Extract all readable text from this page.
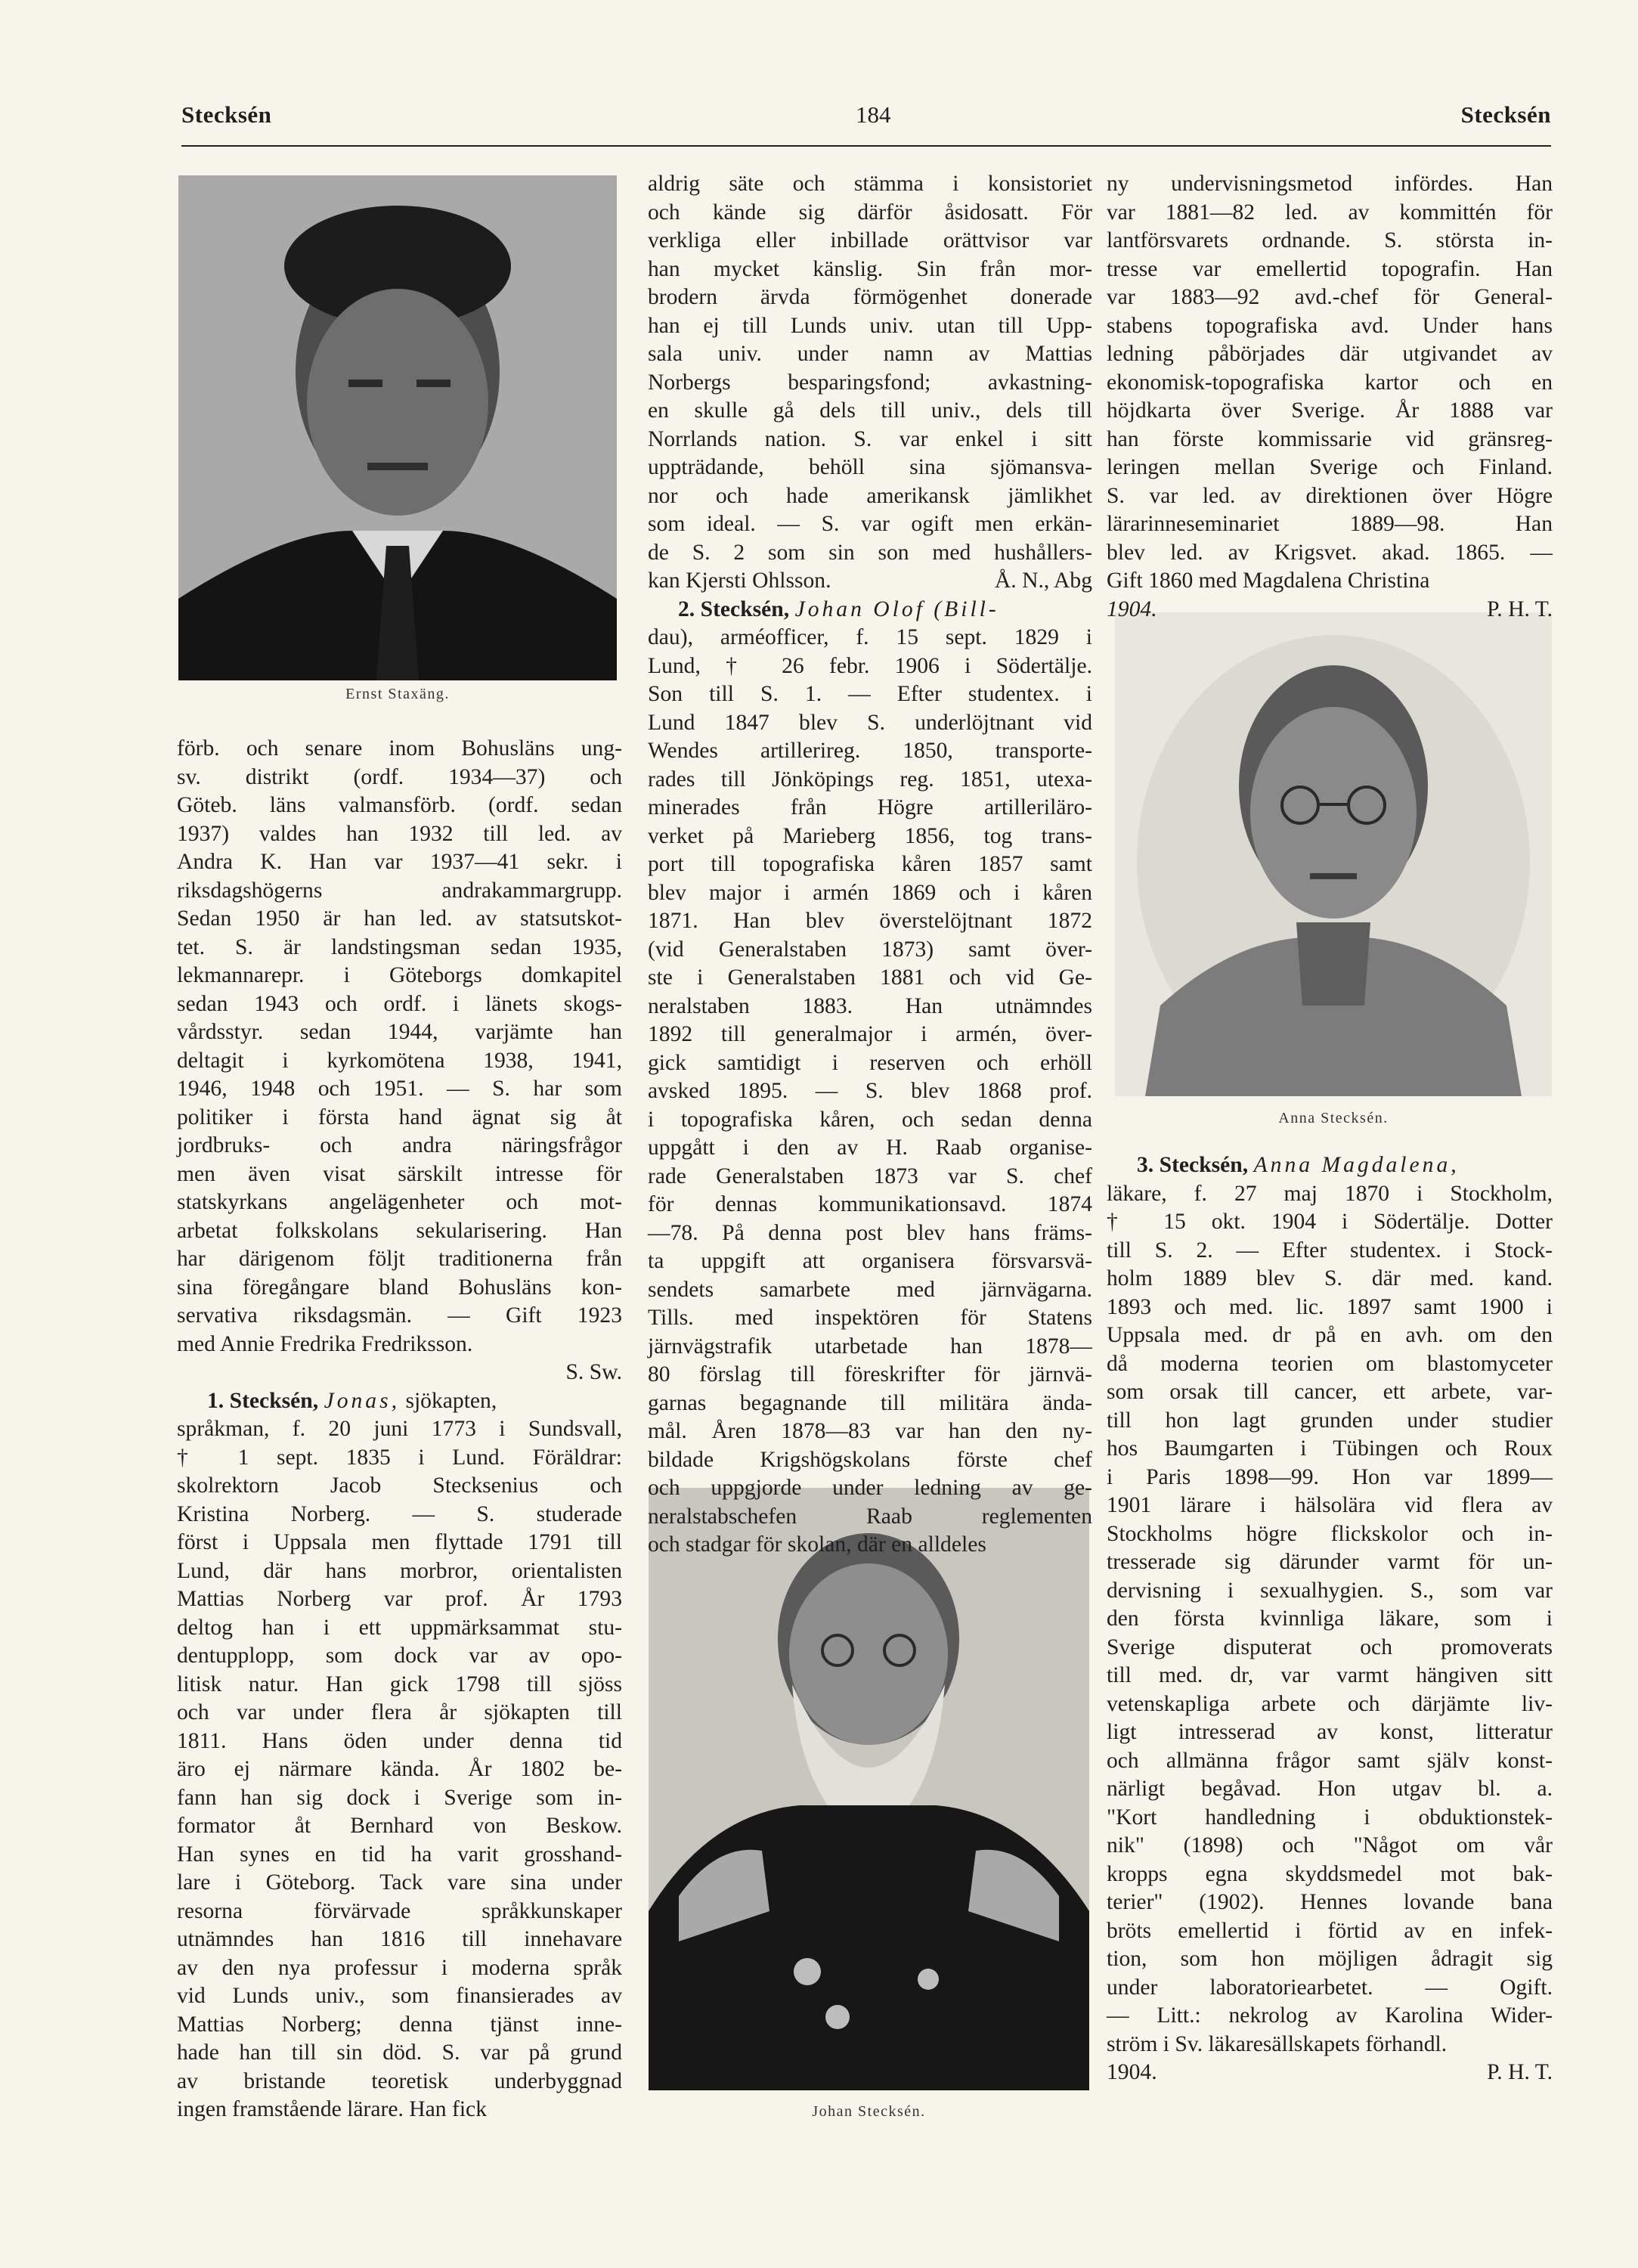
Stecksén	184	Stecksén
Ernst Staxäng.
Anna Stecksén.
Johan Stecksén.

förb. och senare inom Bohusläns ung-

sv. distrikt (ordf. 1934—37) och

Göteb. läns valmansförb. (ordf. sedan

1937) valdes han 1932 till led. av

Andra K. Han var 1937—41 sekr. i

riksdagshögerns andrakammargrupp.

Sedan 1950 är han led. av statsutskot-

tet. S. är landstingsman sedan 1935,

lekmannarepr. i Göteborgs domkapitel

sedan 1943 och ordf. i länets skogs-

vårdsstyr. sedan 1944, varjämte han

deltagit i kyrkomötena 1938, 1941,

1946, 1948 och 1951. — S. har som

politiker i första hand ägnat sig åt

jordbruks- och andra näringsfrågor

men även visat särskilt intresse för

statskyrkans angelägenheter och mot-

arbetat folkskolans sekularisering. Han

har därigenom följt traditionerna från

sina föregångare bland Bohusläns kon-

servativa riksdagsmän. — Gift 1923

med Annie Fredrika Fredriksson.

S. Sw.

1. Stecksén, Jonas, sjökapten,

språkman, f. 20 juni 1773 i Sundsvall,

† 1 sept. 1835 i Lund. Föräldrar:

skolrektorn Jacob Stecksenius och

Kristina Norberg. — S. studerade

först i Uppsala men flyttade 1791 till

Lund, där hans morbror, orientalisten

Mattias Norberg var prof. År 1793

deltog han i ett uppmärksammat stu-

dentupplopp, som dock var av opo-

litisk natur. Han gick 1798 till sjöss

och var under flera år sjökapten till

1811. Hans öden under denna tid

äro ej närmare kända. År 1802 be-

fann han sig dock i Sverige som in-

formator åt Bernhard von Beskow.

Han synes en tid ha varit grosshand-

lare i Göteborg. Tack vare sina under

resorna förvärvade språkkunskaper

utnämndes han 1816 till innehavare

av den nya professur i moderna språk

vid Lunds univ., som finansierades av

Mattias Norberg; denna tjänst inne-

hade han till sin död. S. var på grund

av bristande teoretisk underbyggnad

ingen framstående lärare. Han fick

aldrig säte och stämma i konsistoriet

och kände sig därför åsidosatt. För

verkliga eller inbillade orättvisor var

han mycket känslig. Sin från mor-

brodern ärvda förmögenhet donerade

han ej till Lunds univ. utan till Upp-

sala univ. under namn av Mattias

Norbergs besparingsfond; avkastning-

en skulle gå dels till univ., dels till

Norrlands nation. S. var enkel i sitt

uppträdande, behöll sina sjömansva-

nor och hade amerikansk jämlikhet

som ideal. — S. var ogift men erkän-

de S. 2 som sin son med hushållers-

kan Kjersti Ohlsson.	Å. N., Abg

2. Stecksén, Johan Olof (Bill-

dau), arméofficer, f. 15 sept. 1829 i

Lund, † 26 febr. 1906 i Södertälje.

Son till S. 1. — Efter studentex. i

Lund 1847 blev S. underlöjtnant vid

Wendes artillerireg. 1850, transporte-

rades till Jönköpings reg. 1851, utexa-

minerades från Högre artilleriläro-

verket på Marieberg 1856, tog trans-

port till topografiska kåren 1857 samt

blev major i armén 1869 och i kåren

1871. Han blev överstelöjtnant 1872

(vid Generalstaben 1873) samt över-

ste i Generalstaben 1881 och vid Ge-

neralstaben 1883. Han utnämndes

1892 till generalmajor i armén, över-

gick samtidigt i reserven och erhöll

avsked 1895. — S. blev 1868 prof.

i topografiska kåren, och sedan denna

uppgått i den av H. Raab organise-

rade Generalstaben 1873 var S. chef

för dennas kommunikationsavd. 1874

—78. På denna post blev hans främs-

ta uppgift att organisera försvarsvä-

sendets samarbete med järnvägarna.

Tills. med inspektören för Statens

järnvägstrafik utarbetade han 1878—

80 förslag till föreskrifter för järnvä-

garnas begagnande till militära ända-

mål. Åren 1878—83 var han den ny-

bildade Krigshögskolans förste chef

och uppgjorde under ledning av ge-

neralstabschefen Raab reglementen

och stadgar för skolan, där en alldeles

ny undervisningsmetod infördes. Han

var 1881—82 led. av kommittén för

lantförsvarets ordnande. S. största in-

tresse var emellertid topografin. Han

var 1883—92 avd.-chef för General-

stabens topografiska avd. Under hans

ledning påbörjades där utgivandet av

ekonomisk-topografiska kartor och en

höjdkarta över Sverige. År 1888 var

han förste kommissarie vid gränsreg-

leringen mellan Sverige och Finland.

S. var led. av direktionen över Högre

lärarinneseminariet 1889—98. Han

blev led. av Krigsvet. akad. 1865. —

Gift 1860 med Magdalena Christina

1904.	P. H. T.

3. Stecksén, Anna Magdalena,

läkare, f. 27 maj 1870 i Stockholm,

† 15 okt. 1904 i Södertälje. Dotter

till S. 2. — Efter studentex. i Stock-

holm 1889 blev S. där med. kand.

1893 och med. lic. 1897 samt 1900 i

Uppsala med. dr på en avh. om den

då moderna teorien om blastomyceter

som orsak till cancer, ett arbete, var-

till hon lagt grunden under studier

hos Baumgarten i Tübingen och Roux

i Paris 1898—99. Hon var 1899—

1901 lärare i hälsolära vid flera av

Stockholms högre flickskolor och in-

tresserade sig därunder varmt för un-

dervisning i sexualhygien. S., som var

den första kvinnliga läkare, som i

Sverige disputerat och promoverats

till med. dr, var varmt hängiven sitt

vetenskapliga arbete och därjämte liv-

ligt intresserad av konst, litteratur

och allmänna frågor samt själv konst-

närligt begåvad. Hon utgav bl. a.

"Kort handledning i obduktionstek-

nik" (1898) och "Något om vår

kropps egna skyddsmedel mot bak-

terier" (1902). Hennes lovande bana

bröts emellertid i förtid av en infek-

tion, som hon möjligen ådragit sig

under laboratoriearbetet. — Ogift.

— Litt.: nekrolog av Karolina Wider-

ström i Sv. läkaresällskapets förhandl.

1904.	P. H. T.
